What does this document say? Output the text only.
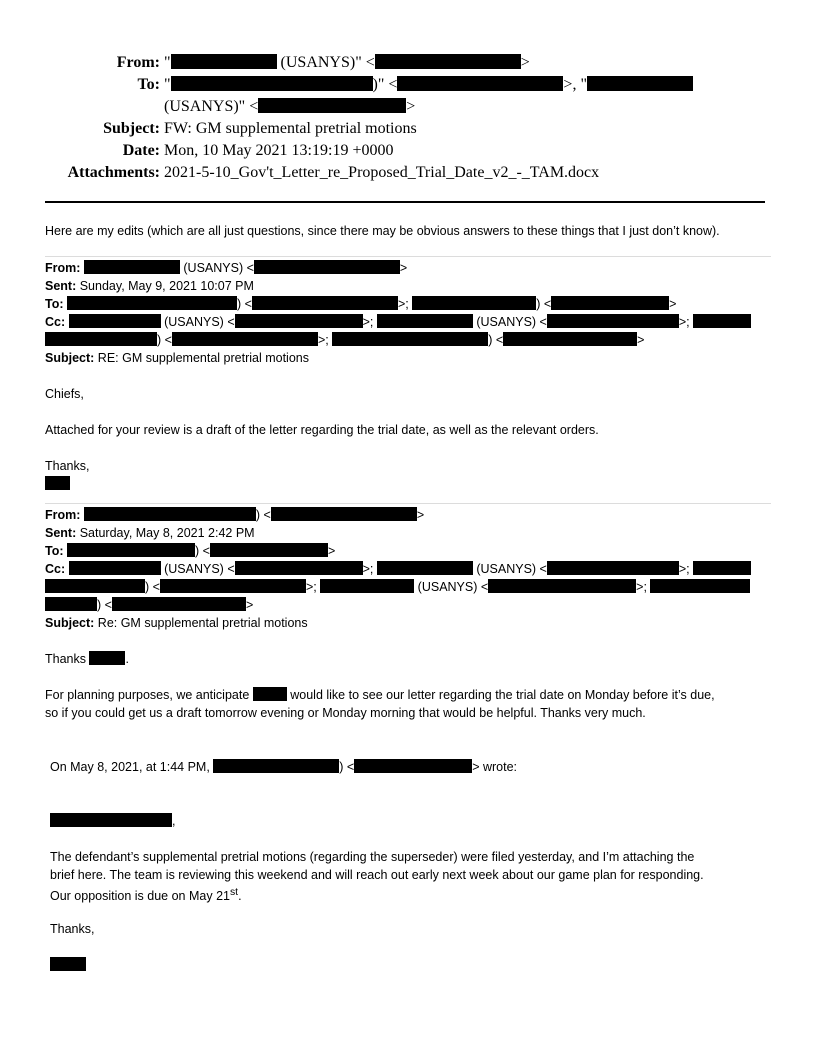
From: "	(USANYS)" <	>
To: "	)" <	>, "
(USANYS)" <	>
Subject: FW: GM supplemental pretrial motions
Date: Mon, 10 May 2021 13:19:19 +0000
Attachments: 2021-5-10_Gov't_Letter_re_Proposed_Trial_Date_v2_-_TAM.docx
Here are my edits (which are all just questions, since there may be obvious answers to these things that I just don’t know).
From:	(USANYS) <	>
Sent: Sunday, May 9, 2021 10:07 PM
To:	) <	>;	) <	>
Cc:	(USANYS) <	>;	(USANYS) <	>;
) <	>;	) <	>
Subject: RE: GM supplemental pretrial motions
Chiefs,
Attached for your review is a draft of the letter regarding the trial date, as well as the relevant orders.
Thanks,
From:	) <	>
Sent: Saturday, May 8, 2021 2:42 PM
To:	) <	>
Cc:	(USANYS) <	>;	(USANYS) <	>;
) <	>;	(USANYS) <	>;
) <	>
Subject: Re: GM supplemental pretrial motions
Thanks	.
For planning purposes, we anticipate	would like to see our letter regarding the trial date on Monday before it’s due,
so if you could get us a draft tomorrow evening or Monday morning that would be helpful. Thanks very much.
On May 8, 2021, at 1:44 PM,	) <	> wrote:
,
The defendant’s supplemental pretrial motions (regarding the superseder) were filed yesterday, and I’m attaching the
brief here. The team is reviewing this weekend and will reach out early next week about our game plan for responding.
Our opposition is due on May 21st.
Thanks,
